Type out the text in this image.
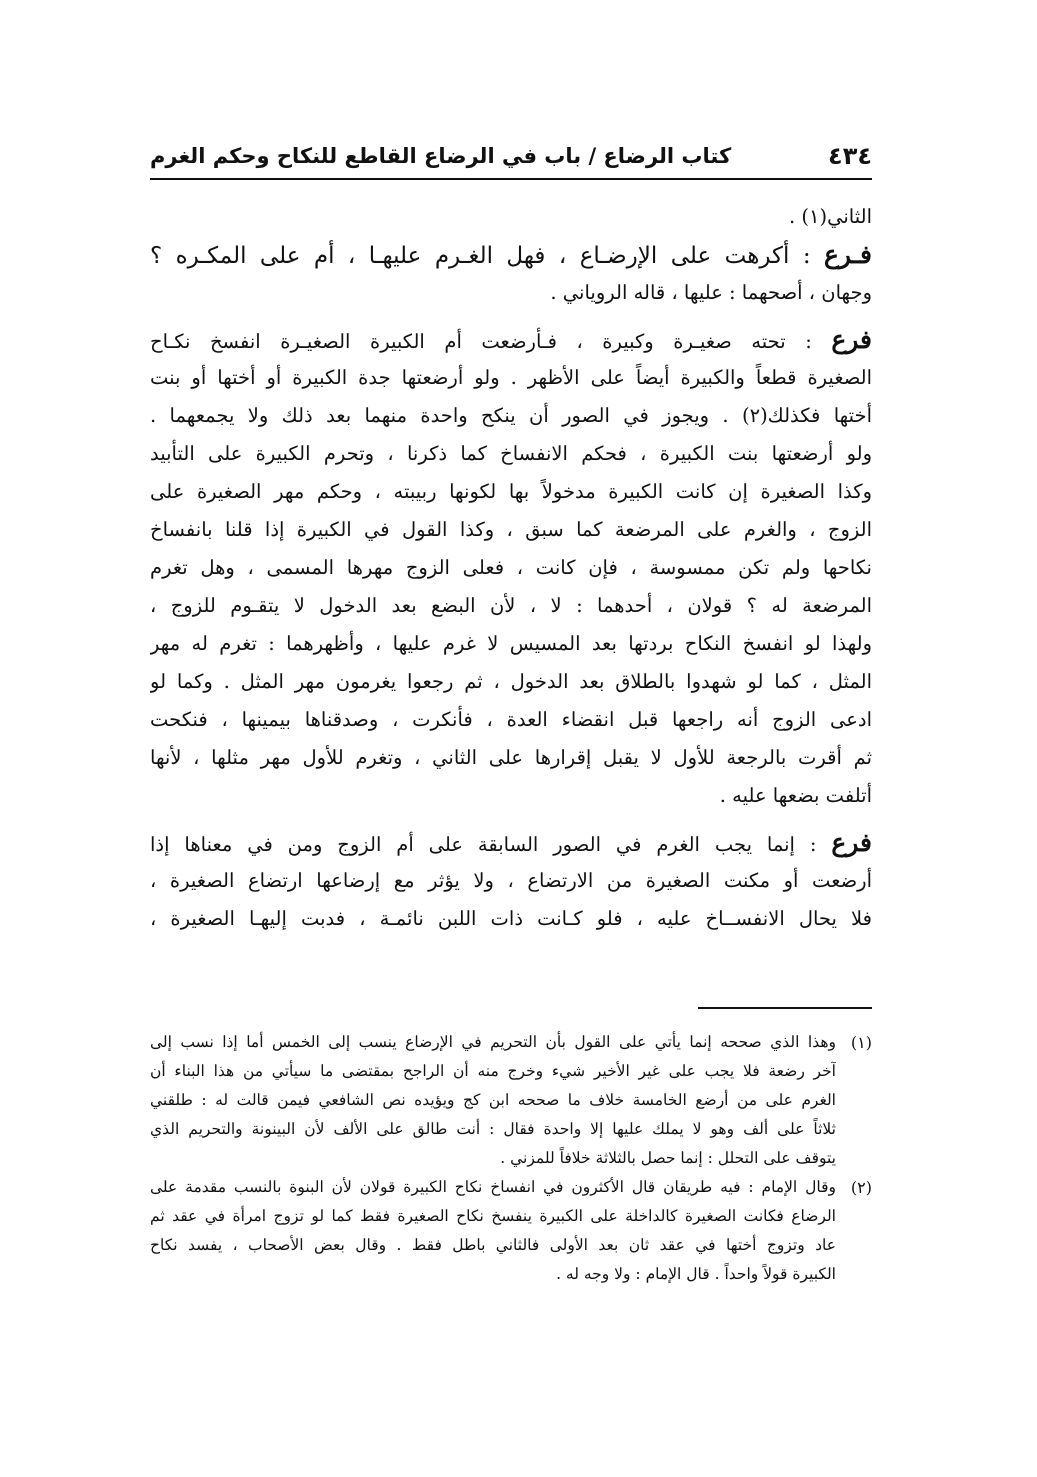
٤٣٤
كتاب الرضاع / باب في الرضاع القاطع للنكاح وحكم الغرم
الثاني(١) .
فـرع : أكرهت على الإرضـاع ، فهل الغـرم عليهـا ، أم على المكـره ؟
وجهان ، أصحهما : عليها ، قاله الروياني .
فرع : تحته صغيـرة وكبيرة ، فـأرضعت أم الكبيرة الصغيـرة انفسخ نكـاح
الصغيرة قطعاً والكبيرة أيضاً على الأظهر . ولو أرضعتها جدة الكبيرة أو أختها أو بنت
أختها فكذلك(٢) . ويجوز في الصور أن ينكح واحدة منهما بعد ذلك ولا يجمعهما .
ولو أرضعتها بنت الكبيرة ، فحكم الانفساخ كما ذكرنا ، وتحرم الكبيرة على التأبيد
وكذا الصغيرة إن كانت الكبيرة مدخولاً بها لكونها ربيبته ، وحكم مهر الصغيرة على
الزوج ، والغرم على المرضعة كما سبق ، وكذا القول في الكبيرة إذا قلنا بانفساخ
نكاحها ولم تكن ممسوسة ، فإن كانت ، فعلى الزوج مهرها المسمى ، وهل تغرم
المرضعة له ؟ قولان ، أحدهما : لا ، لأن البضع بعد الدخول لا يتقـوم للزوج ،
ولهذا لو انفسخ النكاح بردتها بعد المسيس لا غرم عليها ، وأظهرهما : تغرم له مهر
المثل ، كما لو شهدوا بالطلاق بعد الدخول ، ثم رجعوا يغرمون مهر المثل . وكما لو
ادعى الزوج أنه راجعها قبل انقضاء العدة ، فأنكرت ، وصدقناها بيمينها ، فنكحت
ثم أقرت بالرجعة للأول لا يقبل إقرارها على الثاني ، وتغرم للأول مهر مثلها ، لأنها
أتلفت بضعها عليه .
فرع : إنما يجب الغرم في الصور السابقة على أم الزوج ومن في معناها إذا
أرضعت أو مكنت الصغيرة من الارتضاع ، ولا يؤثر مع إرضاعها ارتضاع الصغيرة ،
فلا يحال الانفســاخ عليه ، فلو كـانت ذات اللبن نائمـة ، فدبت إليهـا الصغيرة ،
(١)
وهذا الذي صححه إنما يأتي على القول بأن التحريم في الإرضاع ينسب إلى الخمس أما إذا نسب إلى
آخر رضعة فلا يجب على غير الأخير شيء وخرج منه أن الراجح بمقتضى ما سيأتي من هذا البناء أن
الغرم على من أرضع الخامسة خلاف ما صححه ابن كج ويؤيده نص الشافعي فيمن قالت له : طلقني
ثلاثاً على ألف وهو لا يملك عليها إلا واحدة فقال : أنت طالق على الألف لأن البينونة والتحريم الذي
يتوقف على التحلل : إنما حصل بالثلاثة خلافاً للمزني .
(٢)
وقال الإمام : فيه طريقان قال الأكثرون في انفساخ نكاح الكبيرة قولان لأن البنوة بالنسب مقدمة على
الرضاع فكانت الصغيرة كالداخلة على الكبيرة ينفسخ نكاح الصغيرة فقط كما لو تزوج امرأة في عقد ثم
عاد وتزوج أختها في عقد ثان بعد الأولى فالثاني باطل فقط . وقال بعض الأصحاب ، يفسد نكاح
الكبيرة قولاً واحداً . قال الإمام : ولا وجه له .
